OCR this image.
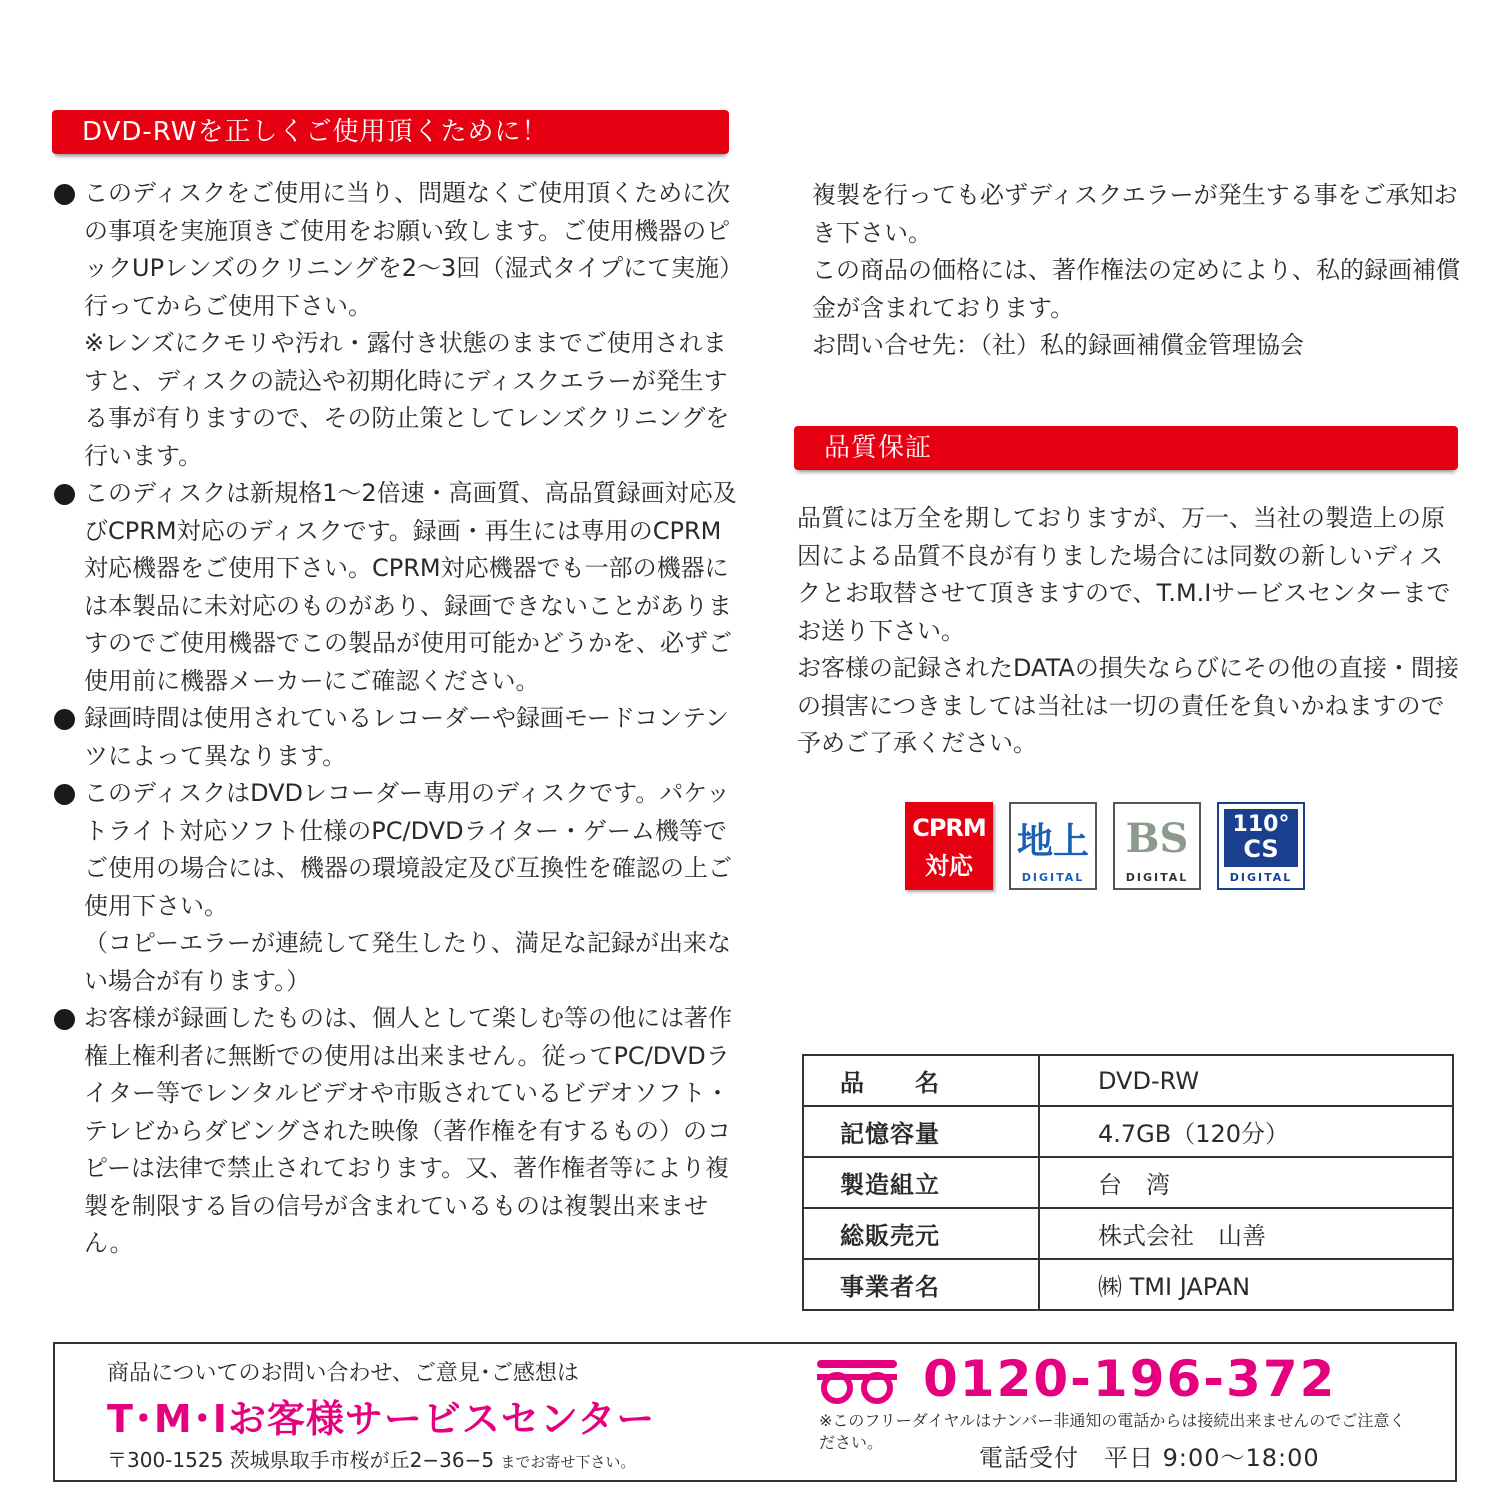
DVD-RWを正しくご使用頂くために！

このディスクをご使用に当り、問題なくご使用頂くために次の事項を実施頂きご使用をお願い致します。ご使用機器のピックUPレンズのクリニングを2～3回（湿式タイプにて実施）行ってからご使用下さい。

※レンズにクモリや汚れ・露付き状態のままでご使用されますと、ディスクの読込や初期化時にディスクエラーが発生する事が有りますので、その防止策としてレンズクリニングを行います。

このディスクは新規格1～2倍速・高画質、高品質録画対応及びCPRM対応のディスクです。録画・再生には専用のCPRM対応機器をご使用下さい。CPRM対応機器でも一部の機器には本製品に未対応のものがあり、録画できないことがありますのでご使用機器でこの製品が使用可能かどうかを、必ずご使用前に機器メーカーにご確認ください。

録画時間は使用されているレコーダーや録画モードコンテンツによって異なります。

このディスクはDVDレコーダー専用のディスクです。パケットライト対応ソフト仕様のPC/DVDライター・ゲーム機等でご使用の場合には、機器の環境設定及び互換性を確認の上ご使用下さい。

（コピーエラーが連続して発生したり、満足な記録が出来ない場合が有ります。）

お客様が録画したものは、個人として楽しむ等の他には著作権上権利者に無断での使用は出来ません。従ってPC/DVDライター等でレンタルビデオや市販されているビデオソフト・テレビからダビングされた映像（著作権を有するもの）のコピーは法律で禁止されております。又、著作権者等により複製を制限する旨の信号が含まれているものは複製出来ません。

複製を行っても必ずディスクエラーが発生する事をご承知おき下さい。

この商品の価格には、著作権法の定めにより、私的録画補償金が含まれております。

お問い合せ先：（社）私的録画補償金管理協会

品質保証

品質には万全を期しておりますが、万一、当社の製造上の原因による品質不良が有りました場合には同数の新しいディスクとお取替させて頂きますので、T.M.Iサービスセンターまでお送り下さい。

お客様の記録されたDATAの損失ならびにその他の直接・間接の損害につきましては当社は一切の責任を負いかねますので予めご了承ください。

CPRM
対応
地上
DIGITAL
BS
DIGITAL
110°
CS
DIGITAL
品　　名	DVD-RW
記憶容量	4.7GB（120分）
製造組立	台　湾
総販売元	株式会社　山善
事業者名	㈱ TMI JAPAN
商品についてのお問い合わせ、ご意見･ご感想は
T･M･Iお客様サービスセンター
〒300-1525 茨城県取手市桜が丘2−36−5 までお寄せ下さい。
0120-196-372
※このフリーダイヤルはナンバー非通知の電話からは接続出来ませんのでご注意ください。
電話受付　平日 9:00～18:00
